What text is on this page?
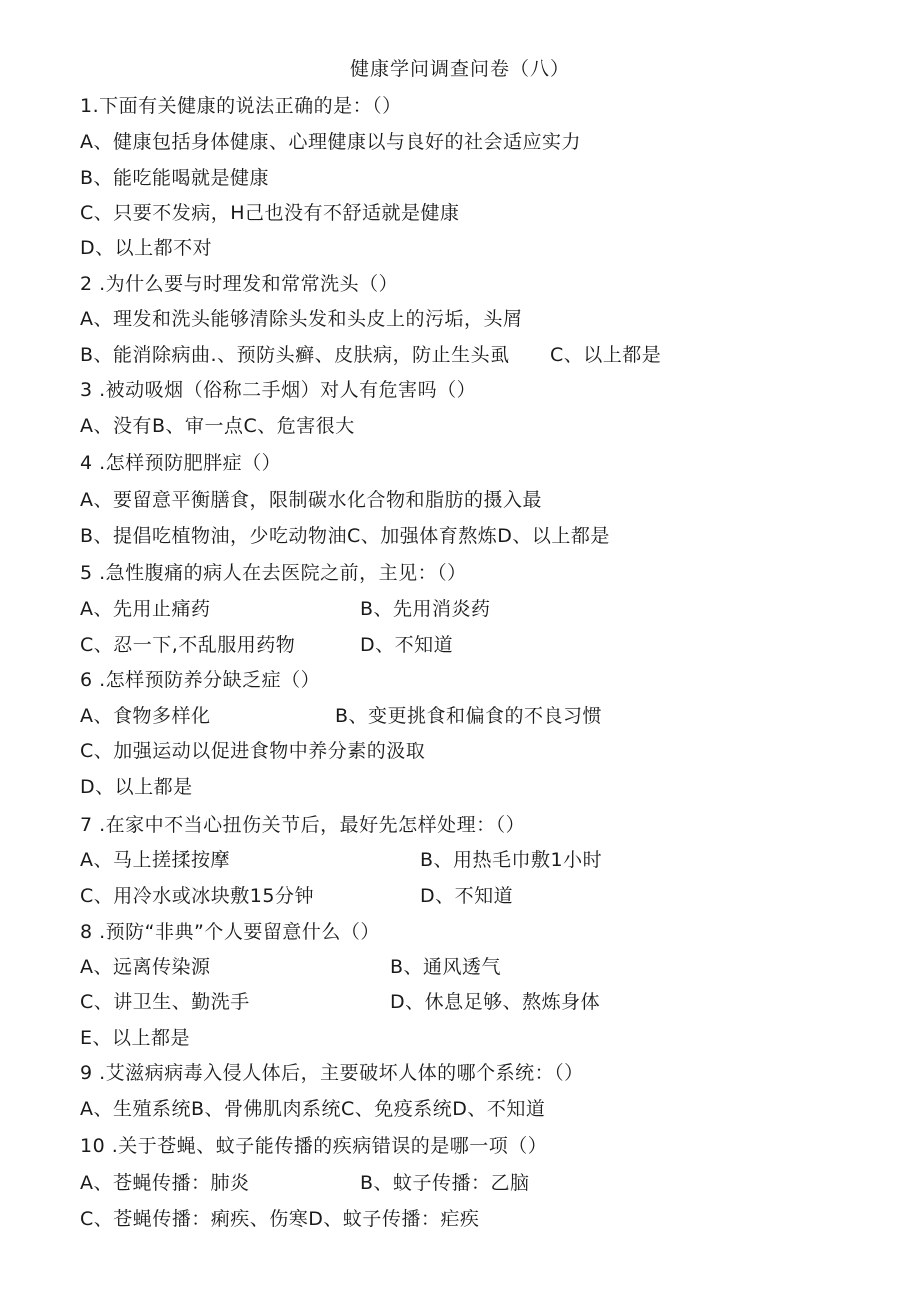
健康学问调查问卷（八）
1.下面有关健康的说法正确的是：（）
A、健康包括身体健康、心理健康以与良好的社会适应实力
B、能吃能喝就是健康
C、只要不发病，H己也没有不舒适就是健康
D、以上都不对
2 .为什么要与时理发和常常洗头（）
A、理发和洗头能够清除头发和头皮上的污垢，头屑
B、能消除病曲.、预防头癣、皮肤病，防止生头虱 C、以上都是
3 .被动吸烟（俗称二手烟）对人有危害吗（）
A、没有B、审一点C、危害很大
4 .怎样预防肥胖症（）
A、要留意平衡膳食，限制碳水化合物和脂肪的摄入最
B、提倡吃植物油，少吃动物油C、加强体育熬炼D、以上都是
5 .急性腹痛的病人在去医院之前，主见：（）
A、先用止痛药	B、先用消炎药
C、忍一下,不乱服用药物	D、不知道
6 .怎样预防养分缺乏症（）
A、食物多样化	B、变更挑食和偏食的不良习惯
C、加强运动以促进食物中养分素的汲取
D、以上都是
7 .在家中不当心扭伤关节后，最好先怎样处理：（）
A、马上搓揉按摩	B、用热毛巾敷1小时
C、用冷水或冰块敷15分钟	D、不知道
8 .预防“非典”个人要留意什么（）
A、远离传染源	B、通风透气
C、讲卫生、勤洗手	D、休息足够、熬炼身体
E、以上都是
9 .艾滋病病毒入侵人体后，主要破坏人体的哪个系统：（）
A、生殖系统B、骨佛肌肉系统C、免疫系统D、不知道
10 .关于苍蝇、蚊子能传播的疾病错误的是哪一项（）
A、苍蝇传播：肺炎	B、蚊子传播：乙脑
C、苍蝇传播：痢疾、伤寒D、蚊子传播：疟疾
